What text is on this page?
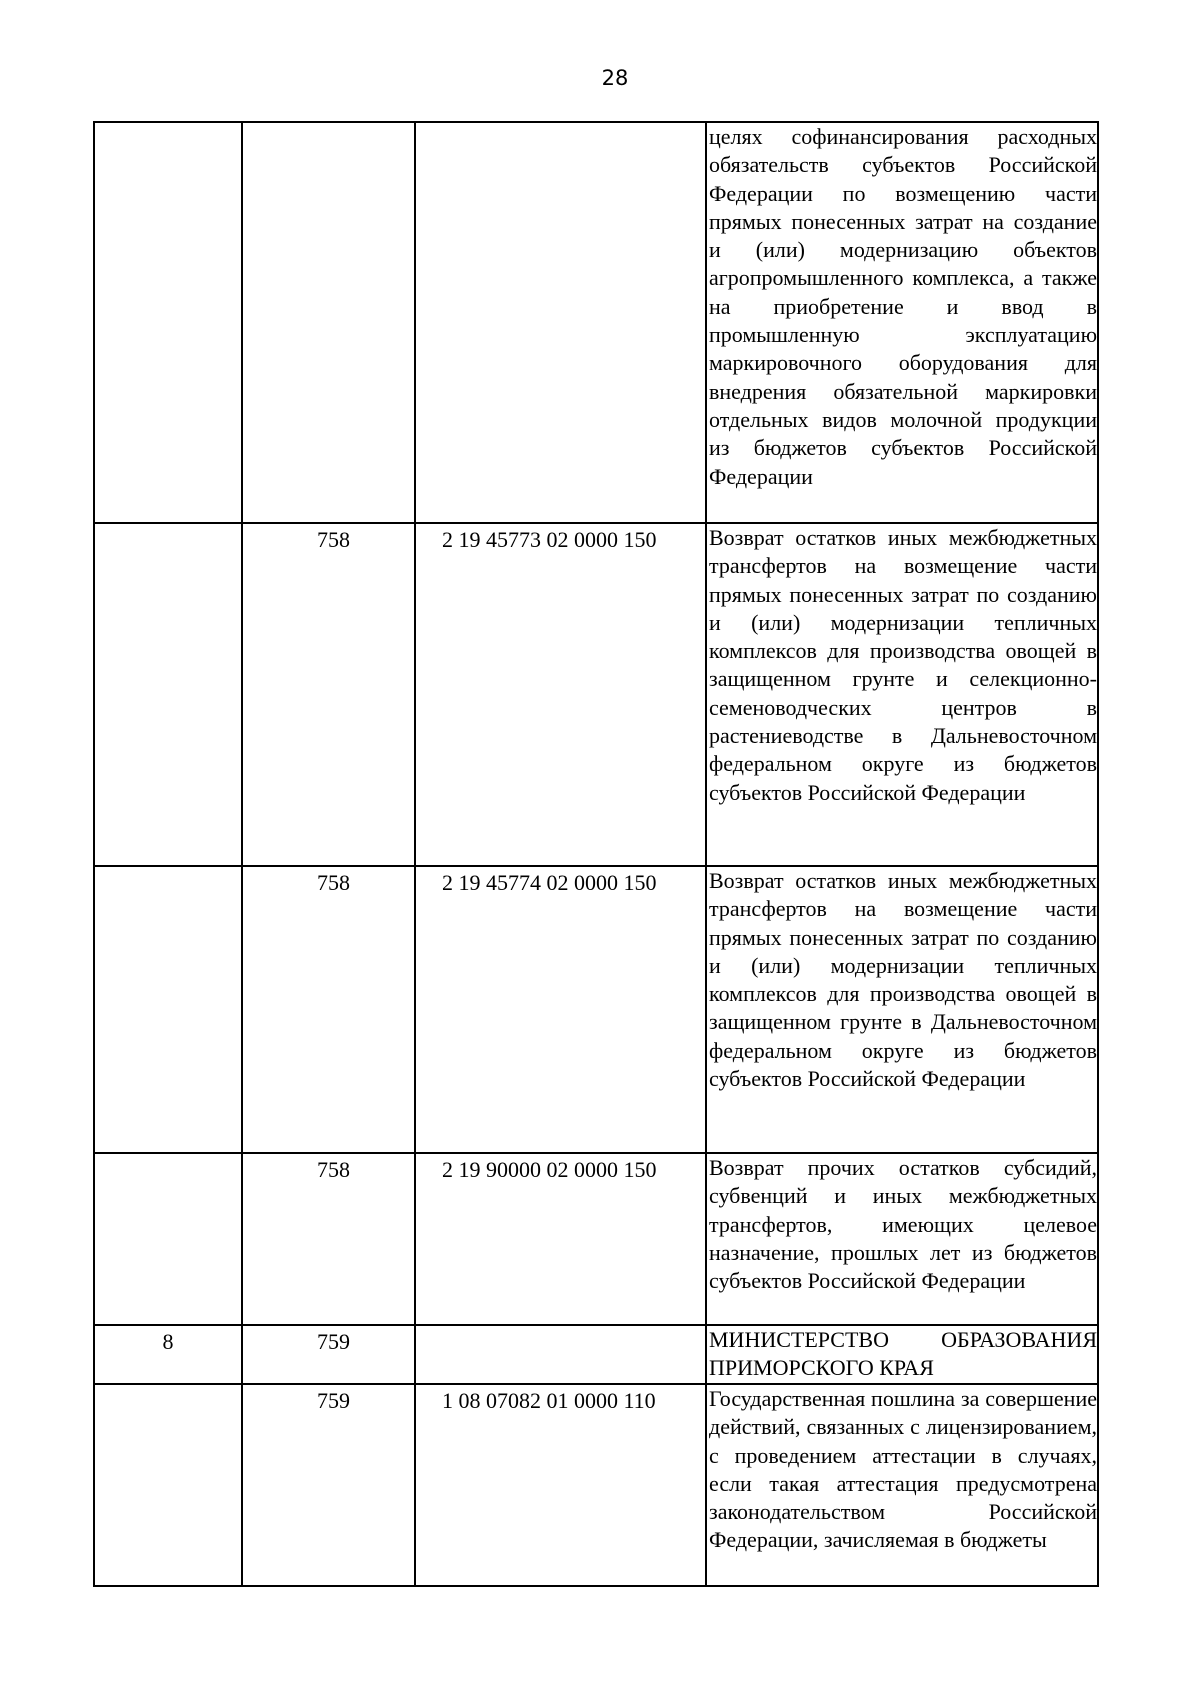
28
			целях софинансирования расходных обязательств субъектов Российской Федерации по возмещению части прямых понесенных затрат на создание и (или) модернизацию объектов агропромышленного комплекса, а также на приобретение и ввод в промышленную эксплуатацию маркировочного оборудования для внедрения обязательной маркировки отдельных видов молочной продукции из бюджетов субъектов Российской Федерации
	758	2 19 45773 02 0000 150	Возврат остатков иных межбюджетных трансфертов на возмещение части прямых понесенных затрат по созданию и (или) модернизации тепличных комплексов для производства овощей в защищенном грунте и селекционно-семеноводческих центров в растениеводстве в Дальневосточном федеральном округе из бюджетов субъектов Российской Федерации
	758	2 19 45774 02 0000 150	Возврат остатков иных межбюджетных трансфертов на возмещение части прямых понесенных затрат по созданию и (или) модернизации тепличных комплексов для производства овощей в защищенном грунте в Дальневосточном федеральном округе из бюджетов субъектов Российской Федерации
	758	2 19 90000 02 0000 150	Возврат прочих остатков субсидий, субвенций и иных межбюджетных трансфертов, имеющих целевое назначение, прошлых лет из бюджетов субъектов Российской Федерации
8	759		МИНИСТЕРСТВО ОБРАЗОВАНИЯ ПРИМОРСКОГО КРАЯ
	759	1 08 07082 01 0000 110	Государственная пошлина за совершение действий, связанных с лицензированием, с проведением аттестации в случаях, если такая аттестация предусмотрена законодательством Российской Федерации, зачисляемая в бюджеты
